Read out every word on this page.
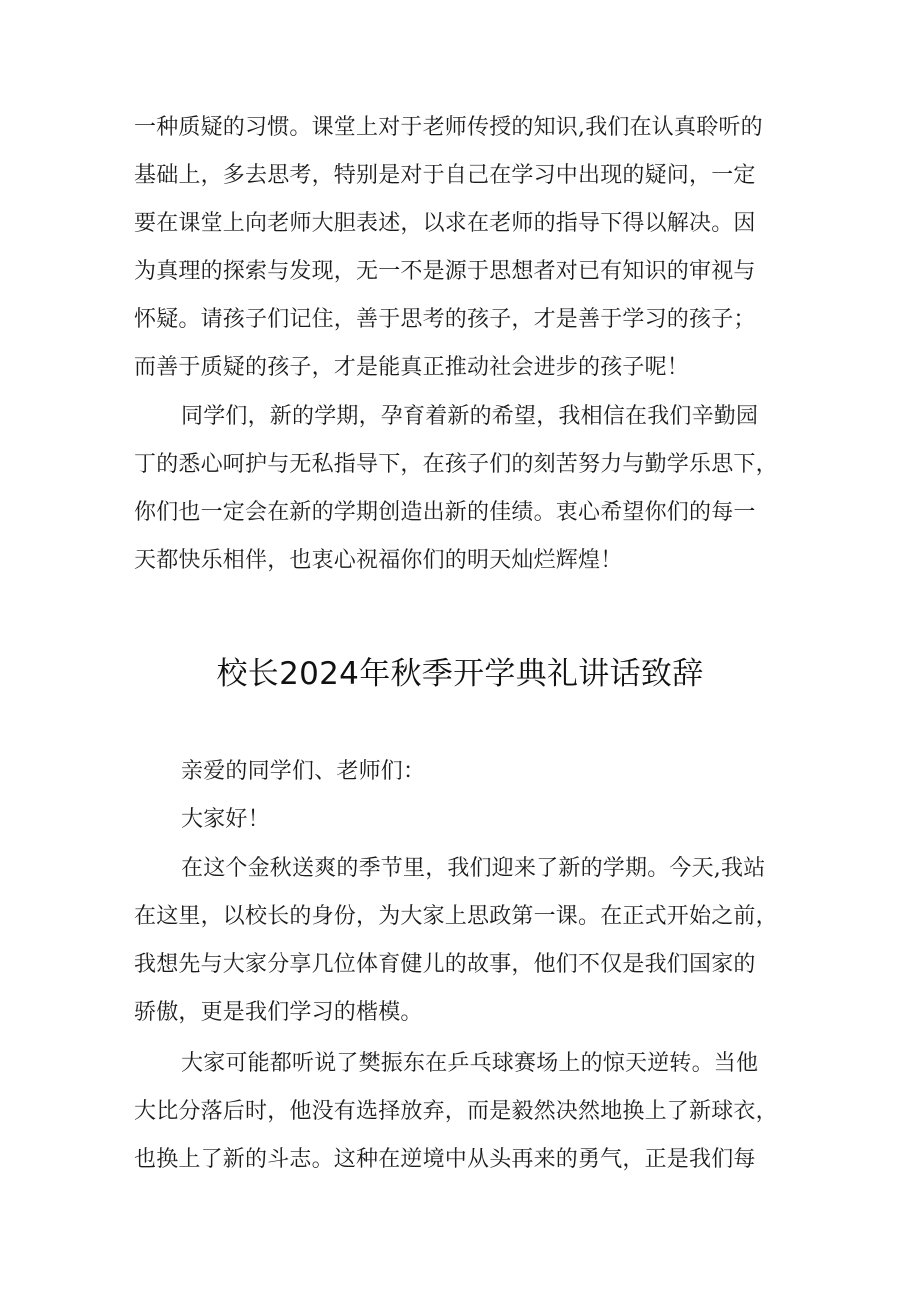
一种质疑的习惯。课堂上对于老师传授的知识,我们在认真聆听的
基础上，多去思考，特别是对于自己在学习中出现的疑问，一定
要在课堂上向老师大胆表述，以求在老师的指导下得以解决。因
为真理的探索与发现，无一不是源于思想者对已有知识的审视与
怀疑。请孩子们记住，善于思考的孩子，才是善于学习的孩子；
而善于质疑的孩子，才是能真正推动社会进步的孩子呢！
同学们，新的学期，孕育着新的希望，我相信在我们辛勤园
丁的悉心呵护与无私指导下，在孩子们的刻苦努力与勤学乐思下，
你们也一定会在新的学期创造出新的佳绩。衷心希望你们的每一
天都快乐相伴，也衷心祝福你们的明天灿烂辉煌！
校长2024年秋季开学典礼讲话致辞
亲爱的同学们、老师们：
大家好！
在这个金秋送爽的季节里，我们迎来了新的学期。今天,我站
在这里，以校长的身份，为大家上思政第一课。在正式开始之前，
我想先与大家分享几位体育健儿的故事，他们不仅是我们国家的
骄傲，更是我们学习的楷模。
大家可能都听说了樊振东在乒乓球赛场上的惊天逆转。当他
大比分落后时，他没有选择放弃，而是毅然决然地换上了新球衣，
也换上了新的斗志。这种在逆境中从头再来的勇气，正是我们每
